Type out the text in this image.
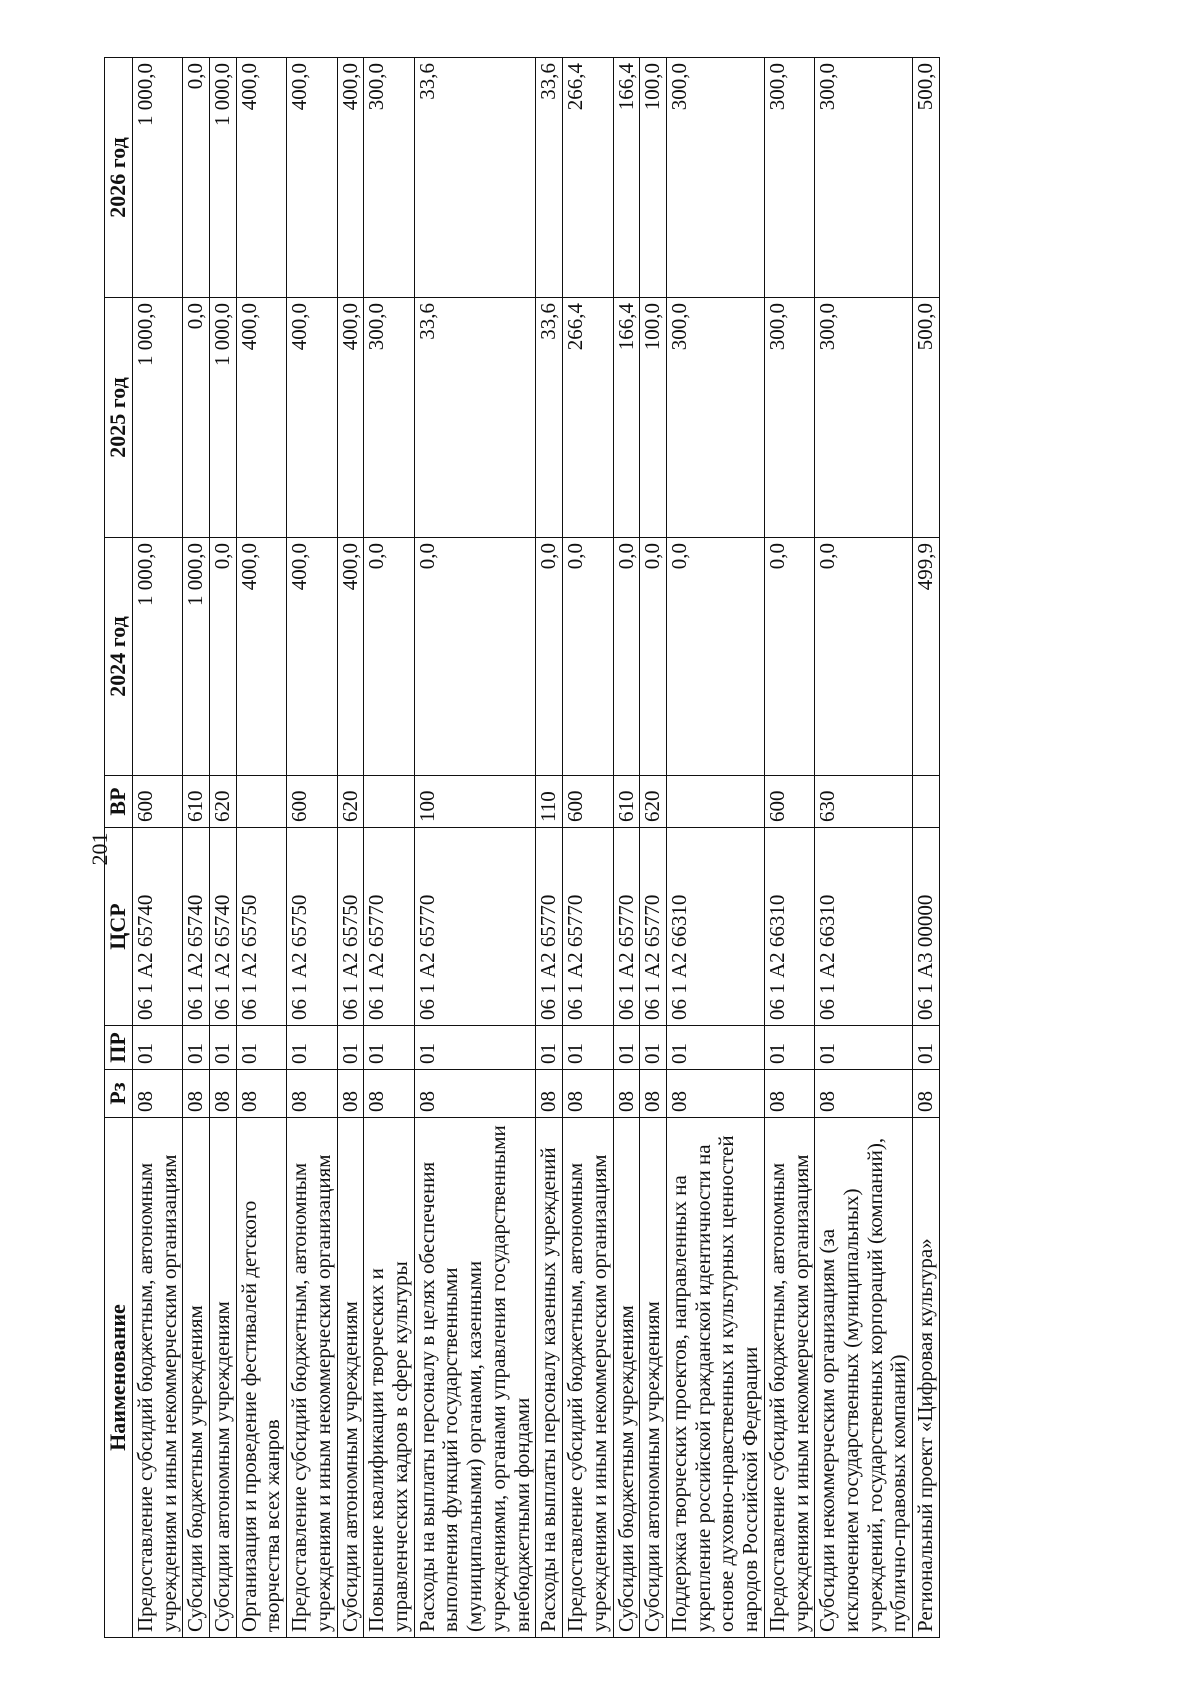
201
Наименование	Рз	ПР	ЦСР	ВР	2024 год	2025 год	2026 год
Предоставление субсидий бюджетным, автономным учреждениям и иным некоммерческим организациям	08	01	06 1 А2 65740	600	1 000,0	1 000,0	1 000,0
Субсидии бюджетным учреждениям	08	01	06 1 А2 65740	610	1 000,0	0,0	0,0
Субсидии автономным учреждениям	08	01	06 1 А2 65740	620	0,0	1 000,0	1 000,0
Организация и проведение фестивалей детского творчества всех жанров	08	01	06 1 А2 65750		400,0	400,0	400,0
Предоставление субсидий бюджетным, автономным учреждениям и иным некоммерческим организациям	08	01	06 1 А2 65750	600	400,0	400,0	400,0
Субсидии автономным учреждениям	08	01	06 1 А2 65750	620	400,0	400,0	400,0
Повышение квалификации творческих и управленческих кадров в сфере культуры	08	01	06 1 А2 65770		0,0	300,0	300,0
Расходы на выплаты персоналу в целях обеспечения выполнения функций государственными (муниципальными) органами, казенными учреждениями, органами управления государственными внебюджетными фондами	08	01	06 1 А2 65770	100	0,0	33,6	33,6
Расходы на выплаты персоналу казенных учреждений	08	01	06 1 А2 65770	110	0,0	33,6	33,6
Предоставление субсидий бюджетным, автономным учреждениям и иным некоммерческим организациям	08	01	06 1 А2 65770	600	0,0	266,4	266,4
Субсидии бюджетным учреждениям	08	01	06 1 А2 65770	610	0,0	166,4	166,4
Субсидии автономным учреждениям	08	01	06 1 А2 65770	620	0,0	100,0	100,0
Поддержка творческих проектов, направленных на укрепление российской гражданской идентичности на основе духовно-нравственных и культурных ценностей народов Российской Федерации	08	01	06 1 А2 66310		0,0	300,0	300,0
Предоставление субсидий бюджетным, автономным учреждениям и иным некоммерческим организациям	08	01	06 1 А2 66310	600	0,0	300,0	300,0
Субсидии некоммерческим организациям (за исключением государственных (муниципальных) учреждений, государственных корпораций (компаний), публично-правовых компаний)	08	01	06 1 А2 66310	630	0,0	300,0	300,0
Региональный проект «Цифровая культура»	08	01	06 1 А3 00000		499,9	500,0	500,0
